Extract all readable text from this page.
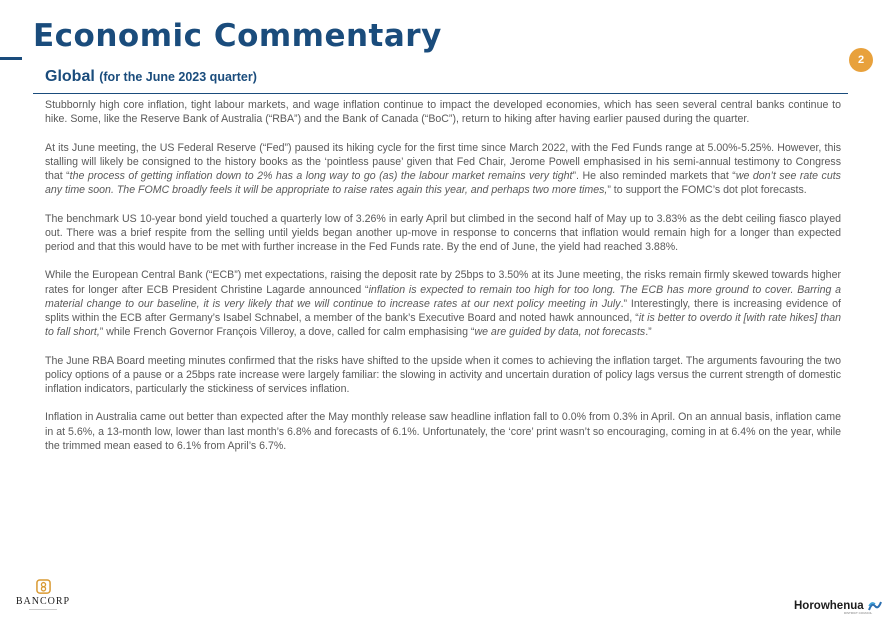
Economic Commentary
2
Global (for the June 2023 quarter)

Stubbornly high core inflation, tight labour markets, and wage inflation continue to impact the developed economies, which has seen several central banks continue to hike. Some, like the Reserve Bank of Australia (“RBA”) and the Bank of Canada (“BoC”), return to hiking after having earlier paused during the quarter.

At its June meeting, the US Federal Reserve (“Fed”) paused its hiking cycle for the first time since March 2022, with the Fed Funds range at 5.00%-5.25%. However, this stalling will likely be consigned to the history books as the ‘pointless pause’ given that Fed Chair, Jerome Powell emphasised in his semi-annual testimony to Congress that “the process of getting inflation down to 2% has a long way to go (as) the labour market remains very tight”. He also reminded markets that “we don’t see rate cuts any time soon. The FOMC broadly feels it will be appropriate to raise rates again this year, and perhaps two more times,” to support the FOMC’s dot plot forecasts.

The benchmark US 10-year bond yield touched a quarterly low of 3.26% in early April but climbed in the second half of May up to 3.83% as the debt ceiling fiasco played out. There was a brief respite from the selling until yields began another up-move in response to concerns that inflation would remain high for a longer than expected period and that this would have to be met with further increase in the Fed Funds rate. By the end of June, the yield had reached 3.88%.

While the European Central Bank (“ECB”) met expectations, raising the deposit rate by 25bps to 3.50% at its June meeting, the risks remain firmly skewed towards higher rates for longer after ECB President Christine Lagarde announced “inflation is expected to remain too high for too long. The ECB has more ground to cover. Barring a material change to our baseline, it is very likely that we will continue to increase rates at our next policy meeting in July.” Interestingly, there is increasing evidence of splits within the ECB after Germany’s Isabel Schnabel, a member of the bank’s Executive Board and noted hawk announced, “it is better to overdo it [with rate hikes] than to fall short,” while French Governor François Villeroy, a dove, called for calm emphasising “we are guided by data, not forecasts.”

The June RBA Board meeting minutes confirmed that the risks have shifted to the upside when it comes to achieving the inflation target. The arguments favouring the two policy options of a pause or a 25bps rate increase were largely familiar: the slowing in activity and uncertain duration of policy lags versus the current strength of domestic inflation indicators, particularly the stickiness of services inflation.

Inflation in Australia came out better than expected after the May monthly release saw headline inflation fall to 0.0% from 0.3% in April. On an annual basis, inflation came in at 5.6%, a 13-month low, lower than last month’s 6.8% and forecasts of 6.1%. Unfortunately, the ‘core’ print wasn’t so encouraging, coming in at 6.4% on the year, while the trimmed mean eased to 6.1% from April’s 6.7%.

BANCORP	Horowhenua
DISTRICT COUNCIL
